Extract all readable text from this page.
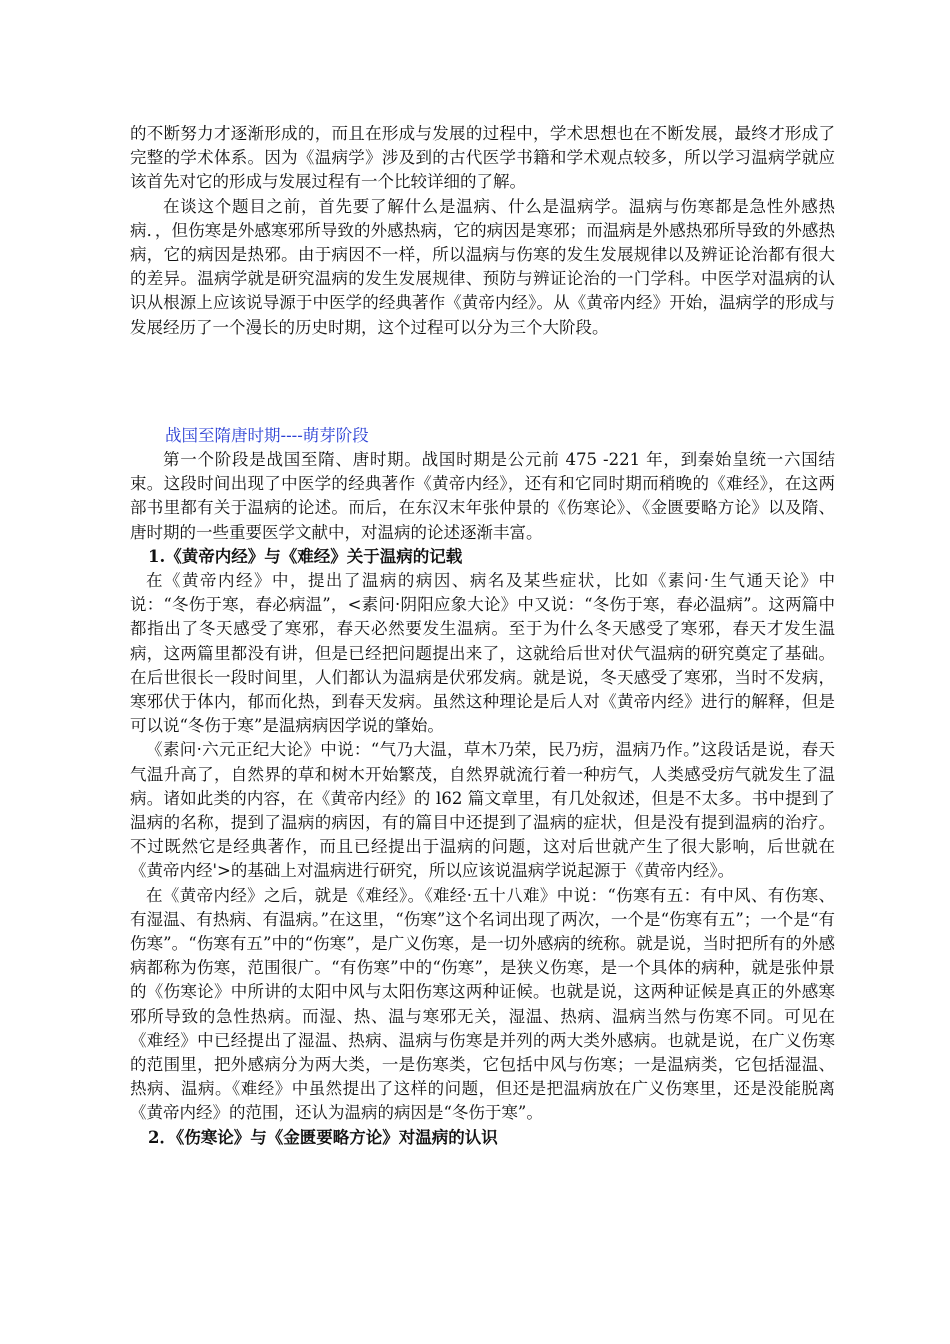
的不断努力才逐渐形成的，而且在形成与发展的过程中，学术思想也在不断发展，最终才形成了完整的学术体系。因为《温病学》涉及到的古代医学书籍和学术观点较多，所以学习温病学就应该首先对它的形成与发展过程有一个比较详细的了解。

在谈这个题目之前，首先要了解什么是温病、什么是温病学。温病与伤寒都是急性外感热病．，但伤寒是外感寒邪所导致的外感热病，它的病因是寒邪；而温病是外感热邪所导致的外感热病，它的病因是热邪。由于病因不一样，所以温病与伤寒的发生发展规律以及辨证论治都有很大的差异。温病学就是研究温病的发生发展规律、预防与辨证论治的一门学科。中医学对温病的认识从根源上应该说导源于中医学的经典著作《黄帝内经》。从《黄帝内经》开始，温病学的形成与发展经历了一个漫长的历史时期，这个过程可以分为三个大阶段。

战国至隋唐时期----萌芽阶段

第一个阶段是战国至隋、唐时期。战国时期是公元前 475 -221 年，到秦始皇统一六国结束。这段时间出现了中医学的经典著作《黄帝内经》，还有和它同时期而稍晚的《难经》，在这两部书里都有关于温病的论述。而后，在东汉末年张仲景的《伤寒论》、《金匮要略方论》以及隋、唐时期的一些重要医学文献中，对温病的论述逐渐丰富。

1.《黄帝内经》与《难经》关于温病的记载

在《黄帝内经》中，提出了温病的病因、病名及某些症状，比如《素问·生气通天论》中说：“冬伤于寒，春必病温”，<素问·阴阳应象大论》中又说：“冬伤于寒，春必温病”。这两篇中都指出了冬天感受了寒邪，春天必然要发生温病。至于为什么冬天感受了寒邪，春天才发生温病，这两篇里都没有讲，但是已经把问题提出来了，这就给后世对伏气温病的研究奠定了基础。在后世很长一段时间里，人们都认为温病是伏邪发病。就是说，冬天感受了寒邪，当时不发病，寒邪伏于体内，郁而化热，到春天发病。虽然这种理论是后人对《黄帝内经》进行的解释，但是可以说“冬伤于寒”是温病病因学说的肇始。

《素问·六元正纪大论》中说：“气乃大温，草木乃荣，民乃疠，温病乃作。”这段话是说，春天气温升高了，自然界的草和树木开始繁茂，自然界就流行着一种疠气，人类感受疠气就发生了温病。诸如此类的内容，在《黄帝内经》的 l62 篇文章里，有几处叙述，但是不太多。书中提到了温病的名称，提到了温病的病因，有的篇目中还提到了温病的症状，但是没有提到温病的治疗。不过既然它是经典著作，而且已经提出于温病的问题，这对后世就产生了很大影响，后世就在《黄帝内经'>的基础上对温病进行研究，所以应该说温病学说起源于《黄帝内经》。

在《黄帝内经》之后，就是《难经》。《难经·五十八难》中说：“伤寒有五：有中风、有伤寒、有湿温、有热病、有温病。”在这里，“伤寒”这个名词出现了两次，一个是“伤寒有五”；一个是“有伤寒”。“伤寒有五”中的“伤寒”，是广义伤寒，是一切外感病的统称。就是说，当时把所有的外感病都称为伤寒，范围很广。“有伤寒”中的“伤寒”，是狭义伤寒，是一个具体的病种，就是张仲景的《伤寒论》中所讲的太阳中风与太阳伤寒这两种证候。也就是说，这两种证候是真正的外感寒邪所导致的急性热病。而湿、热、温与寒邪无关，湿温、热病、温病当然与伤寒不同。可见在《难经》中已经提出了湿温、热病、温病与伤寒是并列的两大类外感病。也就是说，在广义伤寒的范围里，把外感病分为两大类，一是伤寒类，它包括中风与伤寒；一是温病类，它包括湿温、热病、温病。《难经》中虽然提出了这样的问题，但还是把温病放在广义伤寒里，还是没能脱离《黄帝内经》的范围，还认为温病的病因是“冬伤于寒”。

2．《伤寒论》与《金匮要略方论》对温病的认识
